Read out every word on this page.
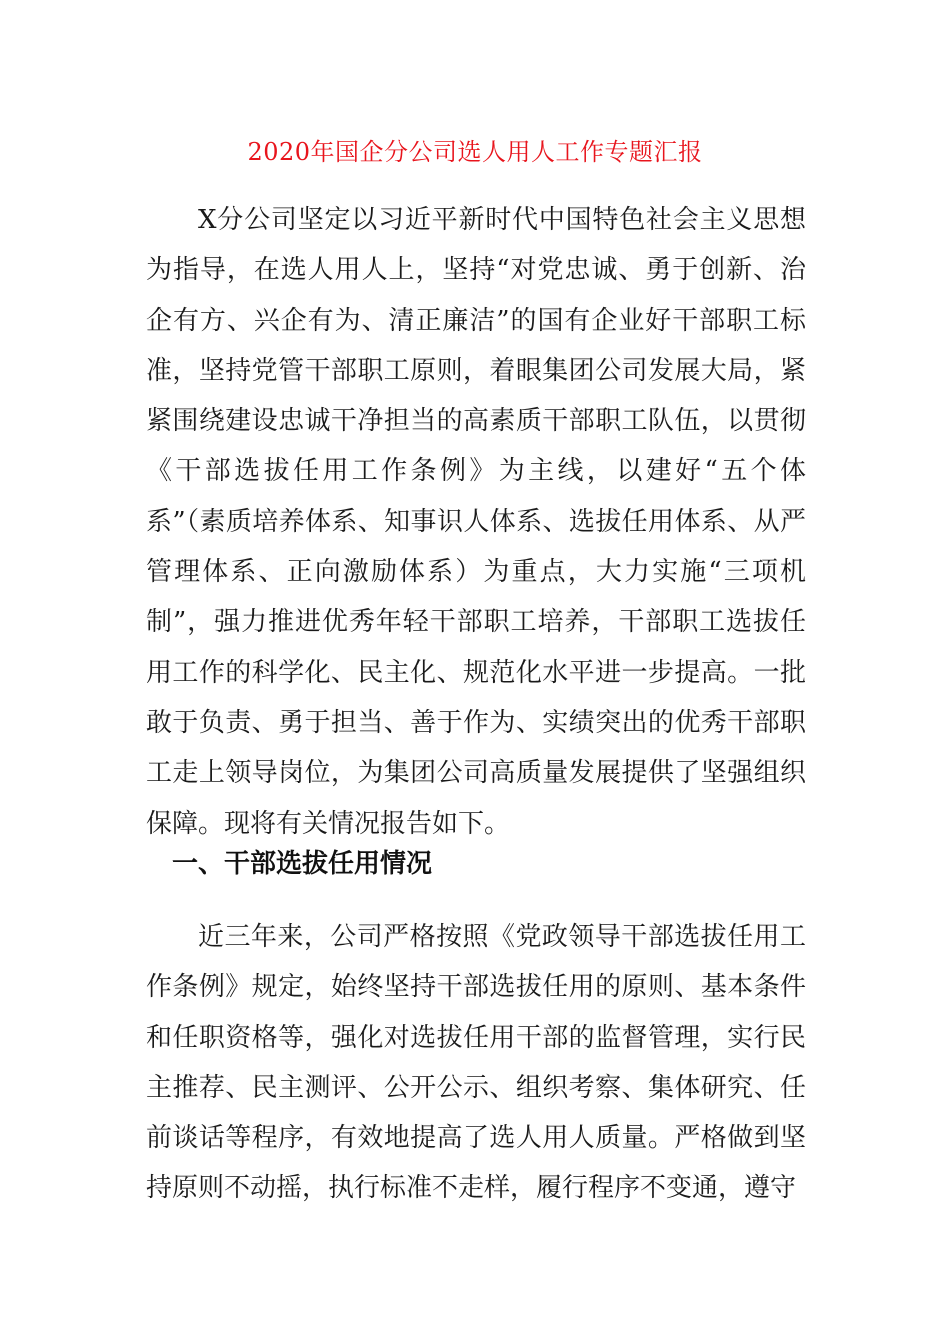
2020年国企分公司选人用人工作专题汇报

X分公司坚定以习近平新时代中国特色社会主义思想为指导，在选人用人上，坚持“对党忠诚、勇于创新、治企有方、兴企有为、清正廉洁”的国有企业好干部职工标准，坚持党管干部职工原则，着眼集团公司发展大局，紧紧围绕建设忠诚干净担当的高素质干部职工队伍，以贯彻《干部选拔任用工作条例》为主线，以建好“五个体系”（素质培养体系、知事识人体系、选拔任用体系、从严管理体系、正向激励体系）为重点，大力实施“三项机制”，强力推进优秀年轻干部职工培养，干部职工选拔任用工作的科学化、民主化、规范化水平进一步提高。一批敢于负责、勇于担当、善于作为、实绩突出的优秀干部职工走上领导岗位，为集团公司高质量发展提供了坚强组织保障。现将有关情况报告如下。

一、干部选拔任用情况

近三年来，公司严格按照《党政领导干部选拔任用工作条例》规定，始终坚持干部选拔任用的原则、基本条件和任职资格等，强化对选拔任用干部的监督管理，实行民主推荐、民主测评、公开公示、组织考察、集体研究、任前谈话等程序，有效地提高了选人用人质量。严格做到坚持原则不动摇，执行标准不走样，履行程序不变通，遵守
